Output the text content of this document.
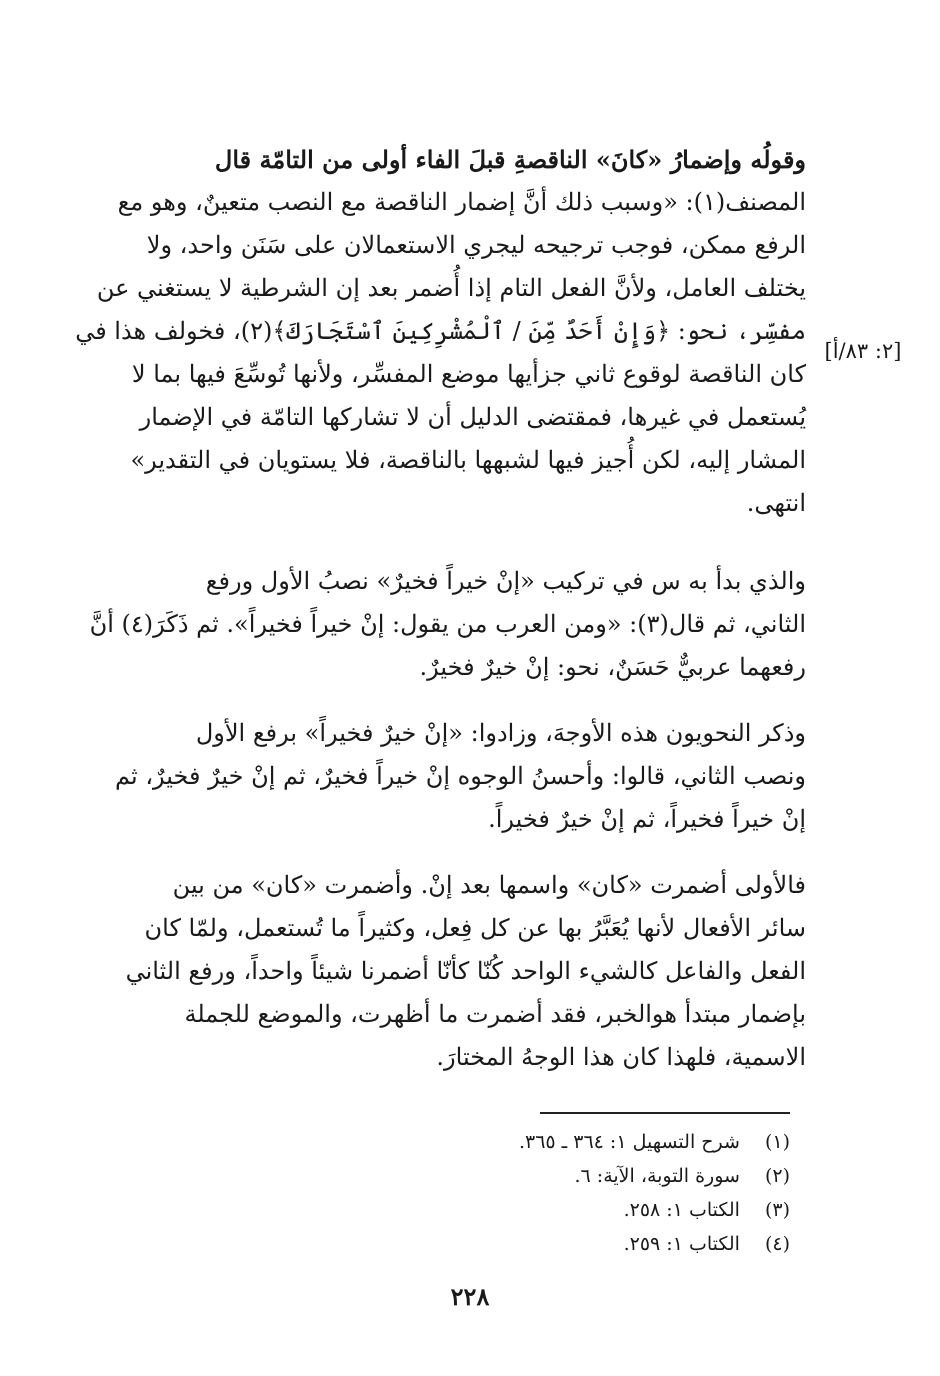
وقولُه وإضمارُ «كانَ» الناقصةِ قبلَ الفاء أولى من التامّة قال
المصنف(١): «وسبب ذلك أنَّ إضمار الناقصة مع النصب متعينٌ، وهو مع
الرفع ممكن، فوجب ترجيحه ليجري الاستعمالان على سَنَن واحد، ولا
يختلف العامل، ولأنَّ الفعل التام إذا أُضمر بعد إن الشرطية لا يستغني عن
مفسِّر، نحو: ﴿وَإِنْ أَحَدٌ مِّنَ / ٱلْمُشْرِكِينَ ٱسْتَجَارَكَ﴾(٢)، فخولف هذا في
كان الناقصة لوقوع ثاني جزأيها موضع المفسِّر، ولأنها تُوسِّعَ فيها بما لا
يُستعمل في غيرها، فمقتضى الدليل أن لا تشاركها التامّة في الإضمار
المشار إليه، لكن أُجيز فيها لشبهها بالناقصة، فلا يستويان في التقدير»
انتهى.
[٢: ٨٣/أ]
والذي بدأ به س في تركيب «إنْ خيراً فخيرٌ» نصبُ الأول ورفع
الثاني، ثم قال(٣): «ومن العرب من يقول: إنْ خيراً فخيراً». ثم ذَكَرَ(٤) أنَّ
رفعهما عربيٌّ حَسَنٌ، نحو: إنْ خيرٌ فخيرٌ.
وذكر النحويون هذه الأوجهَ، وزادوا: «إنْ خيرٌ فخيراً» برفع الأول
ونصب الثاني، قالوا: وأحسنُ الوجوه إنْ خيراً فخيرٌ، ثم إنْ خيرٌ فخيرٌ، ثم
إنْ خيراً فخيراً، ثم إنْ خيرٌ فخيراً.
فالأولى أضمرت «كان» واسمها بعد إنْ. وأضمرت «كان» من بين
سائر الأفعال لأنها يُعَبَّرُ بها عن كل فِعل، وكثيراً ما تُستعمل، ولمّا كان
الفعل والفاعل كالشيء الواحد كُنّا كأنّا أضمرنا شيئاً واحداً، ورفع الثاني
بإضمار مبتدأ هوالخبر، فقد أضمرت ما أظهرت، والموضع للجملة
الاسمية، فلهذا كان هذا الوجهُ المختارَ.
(١) شرح التسهيل ١: ٣٦٤ ـ ٣٦٥.
(٢) سورة التوبة، الآية: ٦.
(٣) الكتاب ١: ٢٥٨.
(٤) الكتاب ١: ٢٥٩.
٢٢٨
